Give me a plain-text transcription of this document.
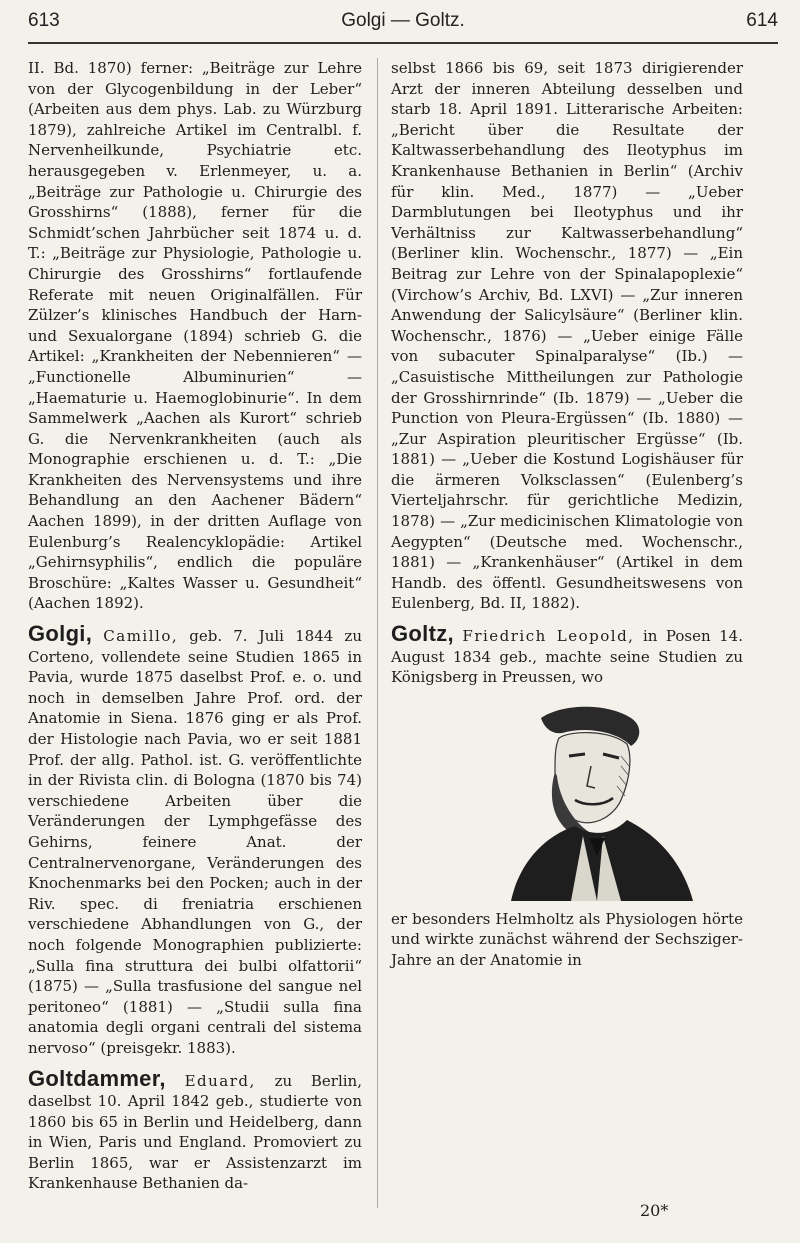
613	Golgi — Goltz.	614

II. Bd. 1870) ferner: „Beiträge zur Lehre von der Glycogenbildung in der Leber“ (Arbeiten aus dem phys. Lab. zu Würzburg 1879), zahlreiche Artikel im Centralbl. f. Nervenheilkunde, Psychiatrie etc. herausgegeben v. Erlenmeyer, u. a. „Beiträge zur Pathologie u. Chirurgie des Grosshirns“ (1888), ferner für die Schmidt’schen Jahrbücher seit 1874 u. d. T.: „Beiträge zur Physiologie, Pathologie u. Chirurgie des Grosshirns“ fortlaufende Referate mit neuen Originalfällen. Für Zülzer’s klinisches Handbuch der Harn- und Sexualorgane (1894) schrieb G. die Artikel: „Krankheiten der Nebennieren“ — „Functionelle Albuminurien“ — „Haematurie u. Haemoglobinurie“. In dem Sammelwerk „Aachen als Kurort“ schrieb G. die Nervenkrankheiten (auch als Monographie erschienen u. d. T.: „Die Krankheiten des Nervensystems und ihre Behandlung an den Aachener Bädern“ Aachen 1899), in der dritten Auflage von Eulenburg’s Realencyklopädie: Artikel „Gehirnsyphilis“, endlich die populäre Broschüre: „Kaltes Wasser u. Gesundheit“ (Aachen 1892).

Golgi, Camillo, geb. 7. Juli 1844 zu Corteno, vollendete seine Studien 1865 in Pavia, wurde 1875 daselbst Prof. e. o. und noch in demselben Jahre Prof. ord. der Anatomie in Siena. 1876 ging er als Prof. der Histologie nach Pavia, wo er seit 1881 Prof. der allg. Pathol. ist. G. veröffentlichte in der Rivista clin. di Bologna (1870 bis 74) verschiedene Arbeiten über die Veränderungen der Lymphgefässe des Gehirns, feinere Anat. der Centralnervenorgane, Veränderungen des Knochenmarks bei den Pocken; auch in der Riv. spec. di freniatria erschienen verschiedene Abhandlungen von G., der noch folgende Monographien publizierte: „Sulla fina struttura dei bulbi olfattorii“ (1875) — „Sulla trasfusione del sangue nel peritoneo“ (1881) — „Studii sulla fina anatomia degli organi centrali del sistema nervoso“ (preisgekr. 1883).

Goltdammer, Eduard, zu Berlin, daselbst 10. April 1842 geb., studierte von 1860 bis 65 in Berlin und Heidelberg, dann in Wien, Paris und England. Promoviert zu Berlin 1865, war er Assistenzarzt im Krankenhause Bethanien da-

selbst 1866 bis 69, seit 1873 dirigierender Arzt der inneren Abteilung desselben und starb 18. April 1891. Litterarische Arbeiten: „Bericht über die Resultate der Kaltwasserbehandlung des Ileotyphus im Krankenhause Bethanien in Berlin“ (Archiv für klin. Med., 1877) — „Ueber Darmblutungen bei Ileotyphus und ihr Verhältniss zur Kaltwasserbehandlung“ (Berliner klin. Wochenschr., 1877) — „Ein Beitrag zur Lehre von der Spinalapoplexie“ (Virchow’s Archiv, Bd. LXVI) — „Zur inneren Anwendung der Salicylsäure“ (Berliner klin. Wochenschr., 1876) — „Ueber einige Fälle von subacuter Spinalparalyse“ (Ib.) — „Casuistische Mittheilungen zur Pathologie der Grosshirnrinde“ (Ib. 1879) — „Ueber die Punction von Pleura-Ergüssen“ (Ib. 1880) — „Zur Aspiration pleuritischer Ergüsse“ (Ib. 1881) — „Ueber die Kostund Logishäuser für die ärmeren Volksclassen“ (Eulenberg’s Vierteljahrschr. für gerichtliche Medizin, 1878) — „Zur medicinischen Klimatologie von Aegypten“ (Deutsche med. Wochenschr., 1881) — „Krankenhäuser“ (Artikel in dem Handb. des öffentl. Gesundheitswesens von Eulenberg, Bd. II, 1882).

Goltz, Friedrich Leopold, in Posen 14. August 1834 geb., machte seine Studien zu Königsberg in Preussen, wo

er besonders Helmholtz als Physiologen hörte und wirkte zunächst während der Sechsziger-Jahre an der Anatomie in

20*
